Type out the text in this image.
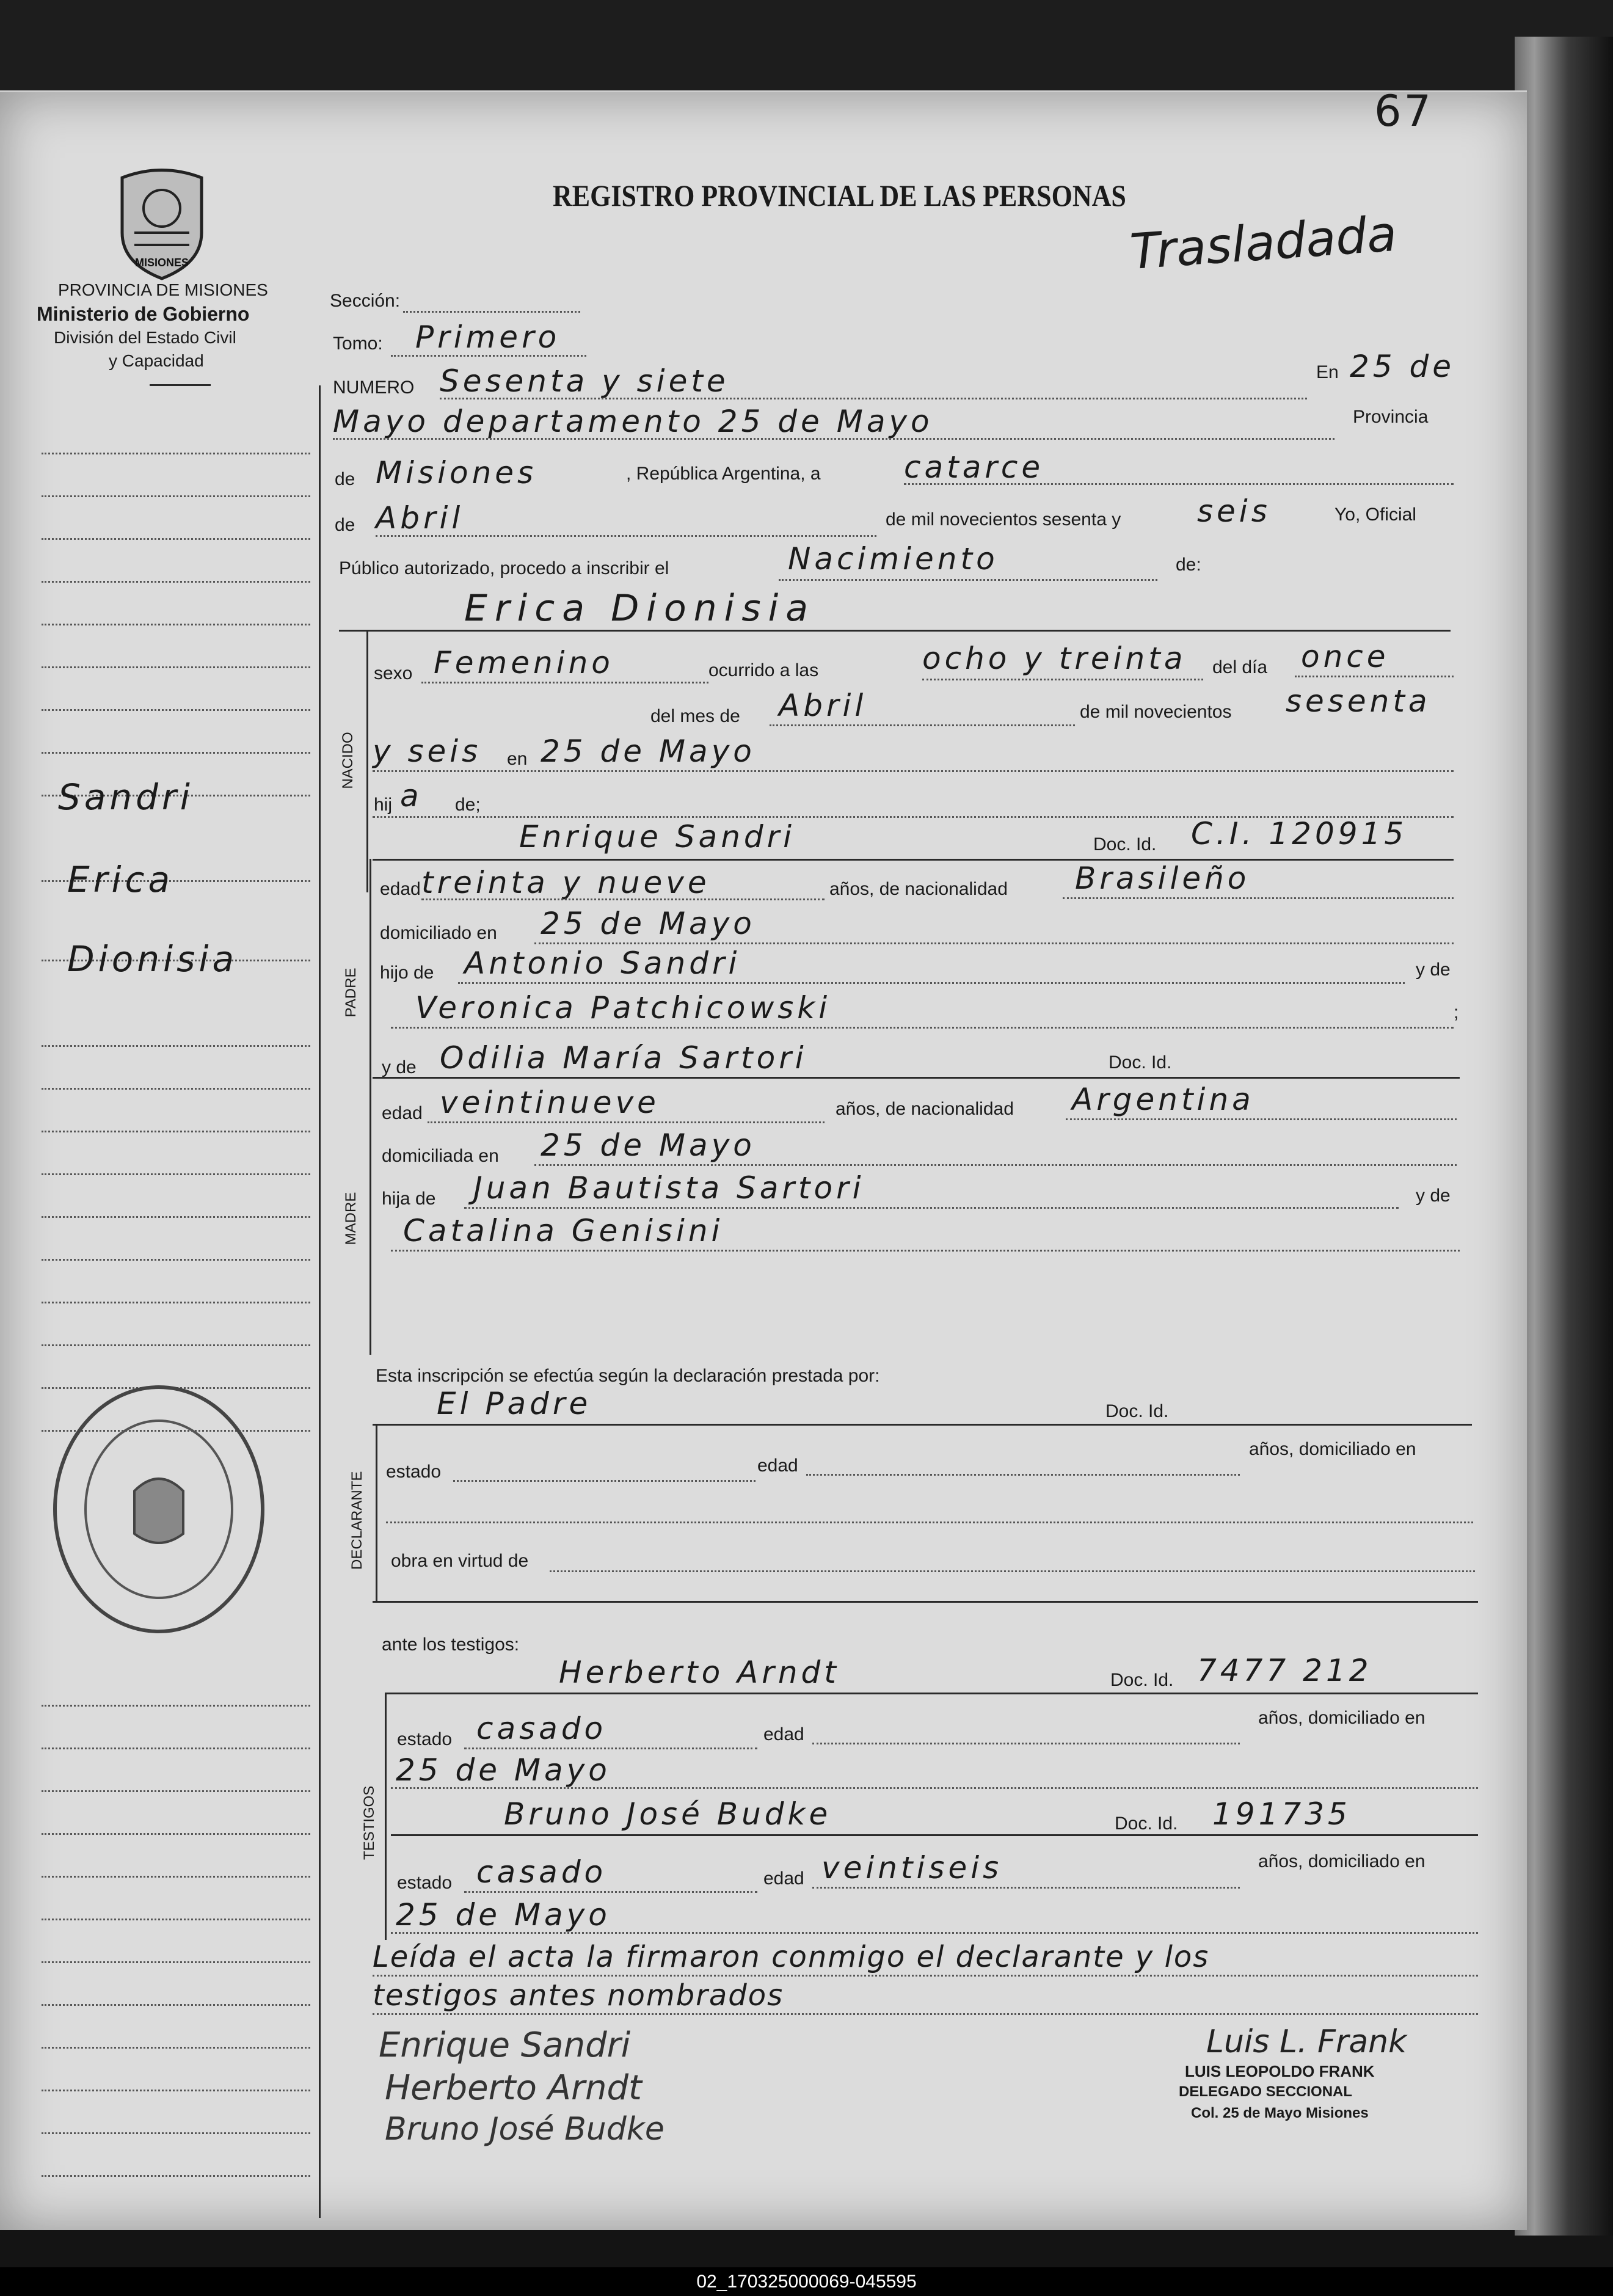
67
REGISTRO PROVINCIAL DE LAS PERSONAS
Trasladada
MISIONES
PROVINCIA DE MISIONES
Ministerio de Gobierno
División del Estado Civil
y Capacidad
Sandri
Erica
Dionisia
Sección:
Tomo: Primero
NUMERO Sesenta y siete	En 25 de
Mayo departamento 25 de Mayo	Provincia
de Misiones	, República Argentina, a	catarce
de Abril	de mil novecientos sesenta y seis	Yo, Oficial
Público autorizado, procedo a inscribir el	Nacimiento	de:
Erica Dionisia
NACIDO
sexo Femenino	ocurrido a las	ocho y treinta del día once
del mes de Abril	de mil novecientos sesenta
y seis en 25 de Mayo
hij a de;
Enrique Sandri	Doc. Id. C.I. 120915
PADRE
edad treinta y nueve	años, de nacionalidad Brasileño
domiciliado en 25 de Mayo
hijo de Antonio Sandri	y de
Veronica Patchicowski	;
y de Odilia María Sartori	Doc. Id.
MADRE
edad veintinueve	años, de nacionalidad Argentina
domiciliada en 25 de Mayo
hija de Juan Bautista Sartori	y de
Catalina Genisini
Esta inscripción se efectúa según la declaración prestada por:
El Padre	Doc. Id.
DECLARANTE estado	edad
años, domiciliado en
obra en virtud de
ante los testigos:
Herberto Arndt	Doc. Id. 7477 212
TESTIGOS
estado casado	edad
años, domiciliado en
25 de Mayo
Bruno José Budke	Doc. Id. 191735
estado casado	edad veintiseis	años, domiciliado en
25 de Mayo
Leída el acta la firmaron conmigo el declarante y los
testigos antes nombrados
Enrique Sandri
Herberto Arndt
Bruno José Budke
Luis L. Frank
LUIS LEOPOLDO FRANK
DELEGADO SECCIONAL
Col. 25 de Mayo Misiones
02_170325000069-045595
